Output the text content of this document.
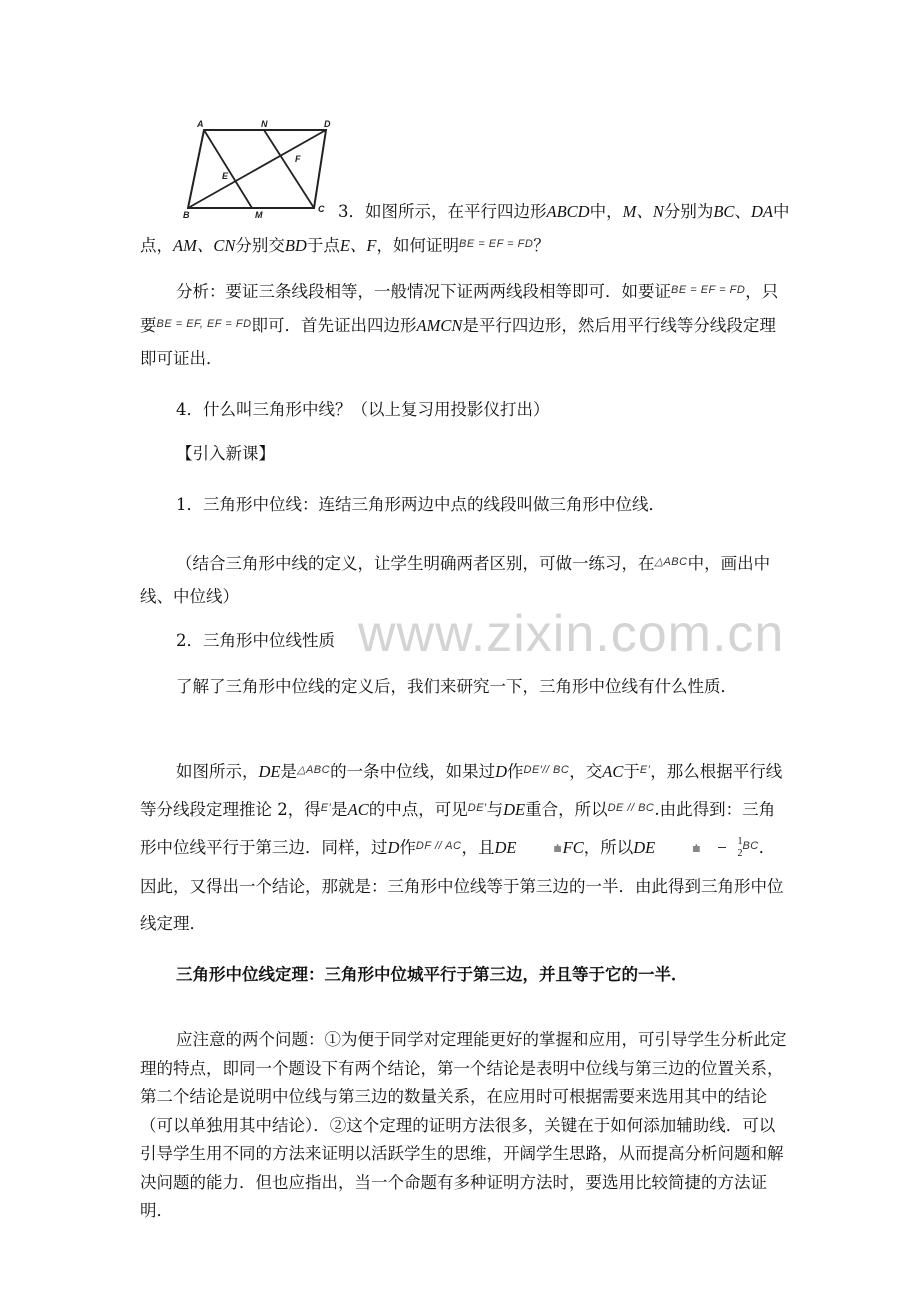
www.zixin.com.cn
A	N	D
F
E
B	M
C 3．如图所示，在平行四边形ABCD中，M、N分别为BC、DA中点，AM、CN分别交BD于点E、F，如何证明$^{BE = EF = FD}$？

分析：要证三条线段相等，一般情况下证两两线段相等即可．如要证$^{BE = EF = FD}$，只要$^{BE = EF, EF = FD}$即可．首先证出四边形AMCN是平行四边形，然后用平行线等分线段定理即可证出．

4．什么叫三角形中线？（以上复习用投影仪打出）

【引入新课】

1．三角形中位线：连结三角形两边中点的线段叫做三角形中位线．

（结合三角形中线的定义，让学生明确两者区别，可做一练习，在$^{\triangle ABC}$中，画出中线、中位线）

2．三角形中位线性质

了解了三角形中位线的定义后，我们来研究一下，三角形中位线有什么性质．

如图所示，DE是$^{\triangle ABC}$的一条中位线，如果过D作$^{DE'// BC}$，交AC于$^{E'}$，那么根据平行线等分线段定理推论 2，得$^{E'}$是AC的中点，可见$^{DE'}$与DE重合，所以$^{DE // BC}$.由此得到：三角形中位线平行于第三边．同样，过D作$^{DF // AC}$，且DE	⩧FC，所以DE	⩧ $\frac{1}{2} ^{BC}$．因此，又得出一个结论，那就是：三角形中位线等于第三边的一半．由此得到三角形中位线定理．

三角形中位线定理：三角形中位城平行于第三边，并且等于它的一半．

应注意的两个问题：①为便于同学对定理能更好的掌握和应用，可引导学生分析此定理的特点，即同一个题设下有两个结论，第一个结论是表明中位线与第三边的位置关系，第二个结论是说明中位线与第三边的数量关系，在应用时可根据需要来选用其中的结论（可以单独用其中结论）．②这个定理的证明方法很多，关键在于如何添加辅助线．可以引导学生用不同的方法来证明以活跃学生的思维，开阔学生思路，从而提高分析问题和解决问题的能力．但也应指出，当一个命题有多种证明方法时，要选用比较简捷的方法证明．
